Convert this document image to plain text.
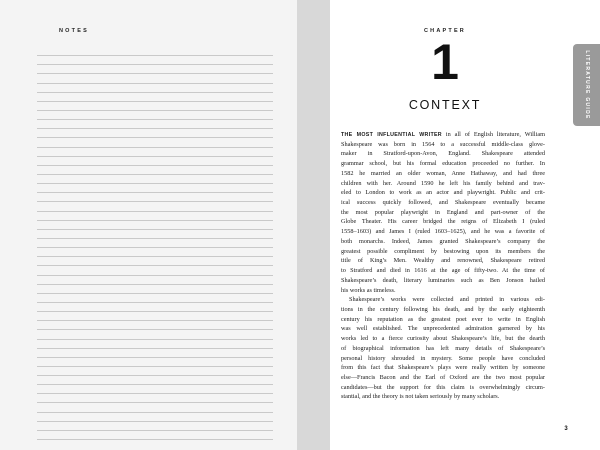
NOTES	CHAPTER
1
CONTEXT
THE MOST INFLUENTIAL WRITER in all of English literature, William
Shakespeare was born in 1564 to a successful middle-class glove-
maker in Stratford-upon-Avon, England. Shakespeare attended
grammar school, but his formal education proceeded no further. In
1582 he married an older woman, Anne Hathaway, and had three
children with her. Around 1590 he left his family behind and trav-
eled to London to work as an actor and playwright. Public and crit-
ical success quickly followed, and Shakespeare eventually became
the most popular playwright in England and part-owner of the
Globe Theater. His career bridged the reigns of Elizabeth I (ruled
1558–1603) and James I (ruled 1603–1625), and he was a favorite of
both monarchs. Indeed, James granted Shakespeare’s company the
greatest possible compliment by bestowing upon its members the
title of King’s Men. Wealthy and renowned, Shakespeare retired
to Stratford and died in 1616 at the age of fifty-two. At the time of
Shakespeare’s death, literary luminaries such as Ben Jonson hailed
his works as timeless.
Shakespeare’s works were collected and printed in various edi-
tions in the century following his death, and by the early eighteenth
century his reputation as the greatest poet ever to write in English
was well established. The unprecedented admiration garnered by his
works led to a fierce curiosity about Shakespeare’s life, but the dearth
of biographical information has left many details of Shakespeare’s
personal history shrouded in mystery. Some people have concluded
from this fact that Shakespeare’s plays were really written by someone
else—Francis Bacon and the Earl of Oxford are the two most popular
candidates—but the support for this claim is overwhelmingly circum-
stantial, and the theory is not taken seriously by many scholars.
LITERATURE GUIDE
3
